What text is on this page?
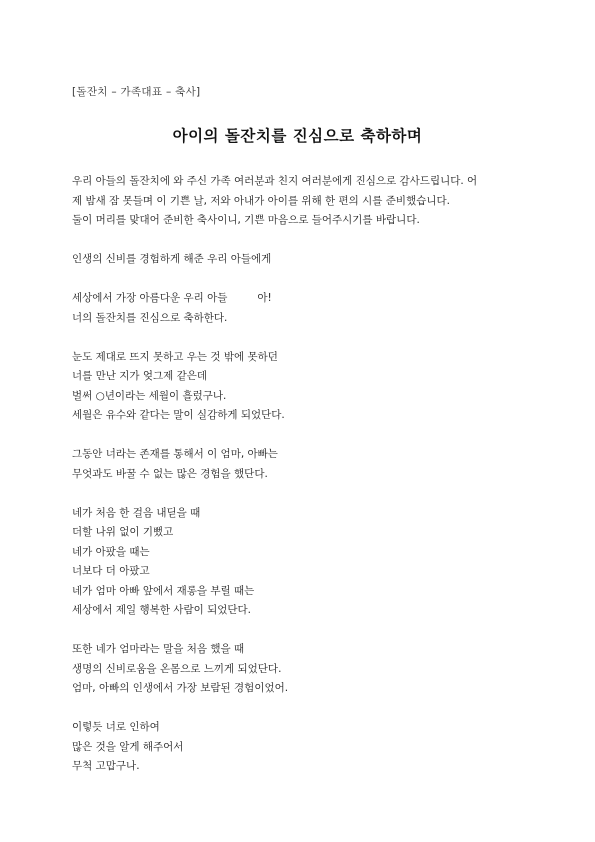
[돌잔치 – 가족대표 – 축사]
아이의 돌잔치를 진심으로 축하하며
우리 아들의 돌잔치에 와 주신 가족 여러분과 친지 여러분에게 진심으로 감사드립니다. 어
제 밤새 잠 못들며 이 기쁜 날, 저와 아내가 아이를 위해 한 편의 시를 준비했습니다.
둘이 머리를 맞대어 준비한 축사이니, 기쁜 마음으로 들어주시기를 바랍니다.
인생의 신비를 경험하게 해준 우리 아들에게
세상에서 가장 아름다운 우리 아들	아!
너의 돌잔치를 진심으로 축하한다.
눈도 제대로 뜨지 못하고 우는 것 밖에 못하던
너를 만난 지가 엊그제 같은데
벌써 ○년이라는 세월이 흘렀구나.
세월은 유수와 같다는 말이 실감하게 되었단다.
그동안 너라는 존재를 통해서 이 엄마, 아빠는
무엇과도 바꿀 수 없는 많은 경험을 했단다.
네가 처음 한 걸음 내딛을 때
더할 나위 없이 기뻤고
네가 아팠을 때는
너보다 더 아팠고
네가 엄마 아빠 앞에서 재롱을 부릴 때는
세상에서 제일 행복한 사람이 되었단다.
또한 네가 엄마라는 말을 처음 했을 때
생명의 신비로움을 온몸으로 느끼게 되었단다.
엄마, 아빠의 인생에서 가장 보람된 경험이었어.
이렇듯 너로 인하여
많은 것을 알게 해주어서
무척 고맙구나.
